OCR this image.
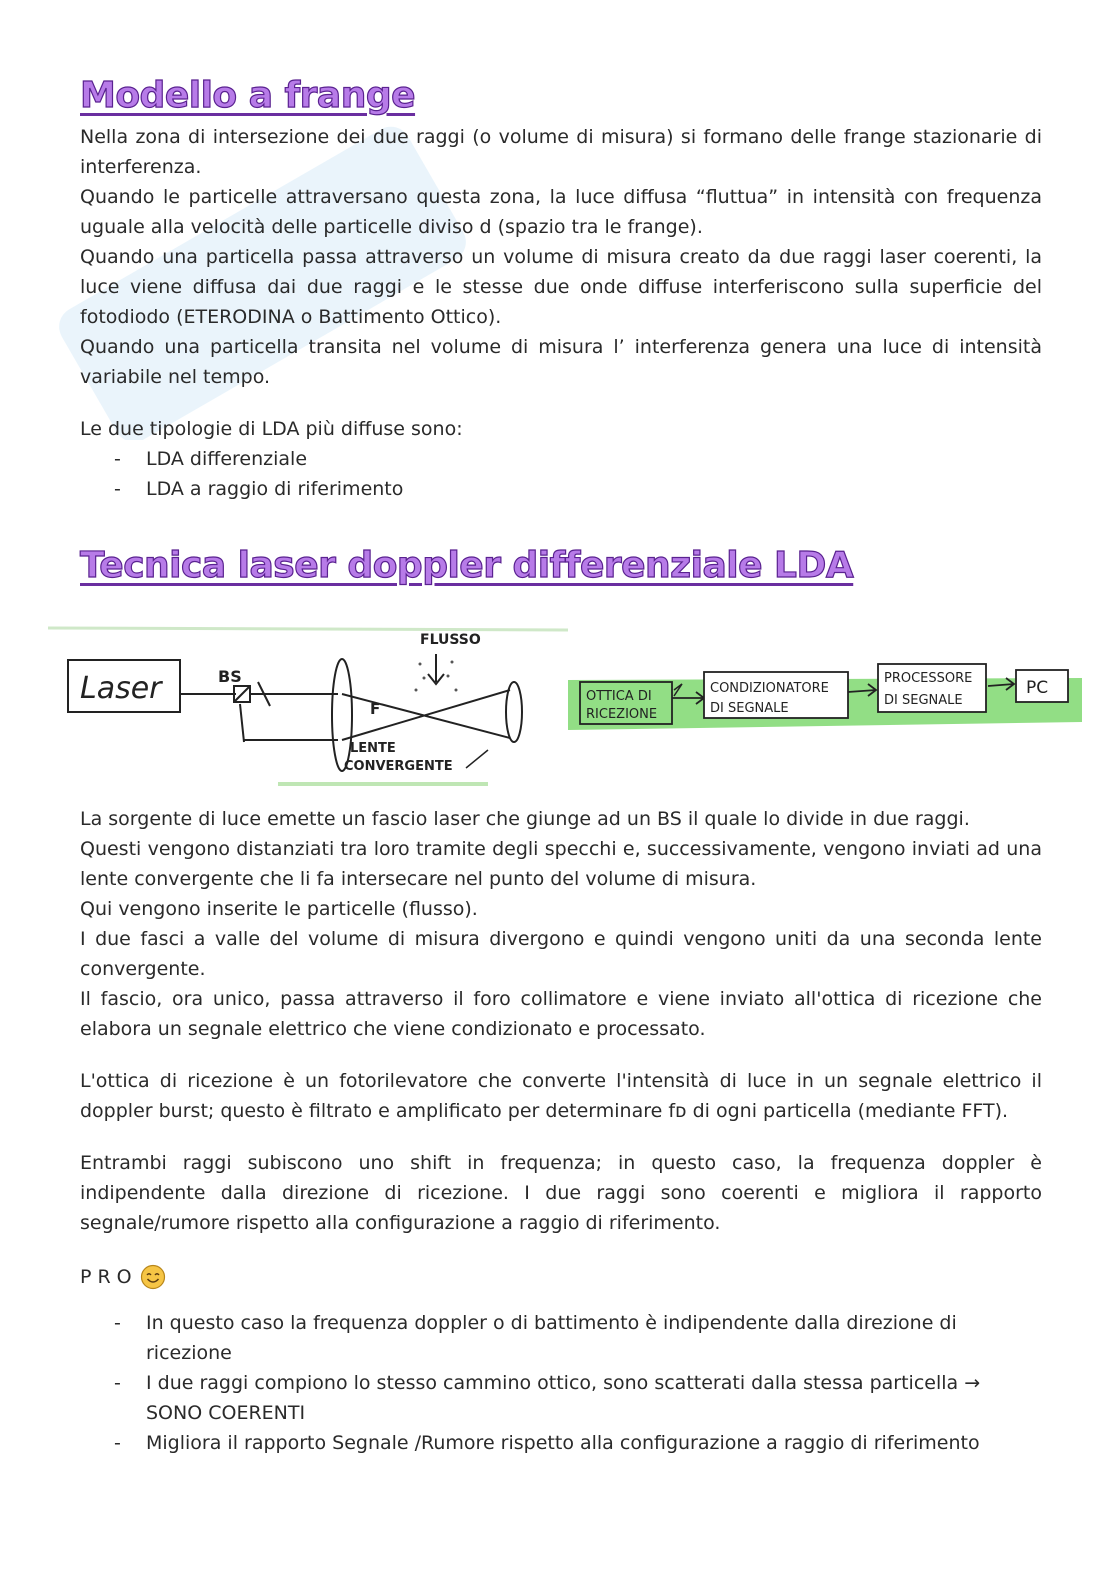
Modello a frange

Nella zona di intersezione dei due raggi (o volume di misura) si formano delle frange stazionarie di interferenza.

Quando le particelle attraversano questa zona, la luce diffusa “fluttua” in intensità con frequenza uguale alla velocità delle particelle diviso d (spazio tra le frange).

Quando una particella passa attraverso un volume di misura creato da due raggi laser coerenti, la luce viene diffusa dai due raggi e le stesse due onde diffuse interferiscono sulla superficie del fotodiodo (ETERODINA o Battimento Ottico).

Quando una particella transita nel volume di misura l’ interferenza genera una luce di intensità variabile nel tempo.

Le due tipologie di LDA più diffuse sono:

- LDA differenziale
- LDA a raggio di riferimento
Tecnica laser doppler differenziale LDA
Laser	BS
F
LENTE
CONVERGENTE
FLUSSO
OTTICA DI
RICEZIONE
CONDIZIONATORE
DI SEGNALE
PROCESSORE
DI SEGNALE
PC

La sorgente di luce emette un fascio laser che giunge ad un BS il quale lo divide in due raggi.

Questi vengono distanziati tra loro tramite degli specchi e, successivamente, vengono inviati ad una lente convergente che li fa intersecare nel punto del volume di misura.

Qui vengono inserite le particelle (flusso).

I due fasci a valle del volume di misura divergono e quindi vengono uniti da una seconda lente convergente.

Il fascio, ora unico, passa attraverso il foro collimatore e viene inviato all'ottica di ricezione che elabora un segnale elettrico che viene condizionato e processato.

L'ottica di ricezione è un fotorilevatore che converte l'intensità di luce in un segnale elettrico il doppler burst; questo è filtrato e amplificato per determinare fᴅ di ogni particella (mediante FFT).

Entrambi raggi subiscono uno shift in frequenza; in questo caso, la frequenza doppler è indipendente dalla direzione di ricezione. I due raggi sono coerenti e migliora il rapporto segnale/rumore rispetto alla configurazione a raggio di riferimento.

PRO
- In questo caso la frequenza doppler o di battimento è indipendente dalla direzione di ricezione
- I due raggi compiono lo stesso cammino ottico, sono scatterati dalla stessa particella → SONO COERENTI
- Migliora il rapporto Segnale /Rumore rispetto alla configurazione a raggio di riferimento
